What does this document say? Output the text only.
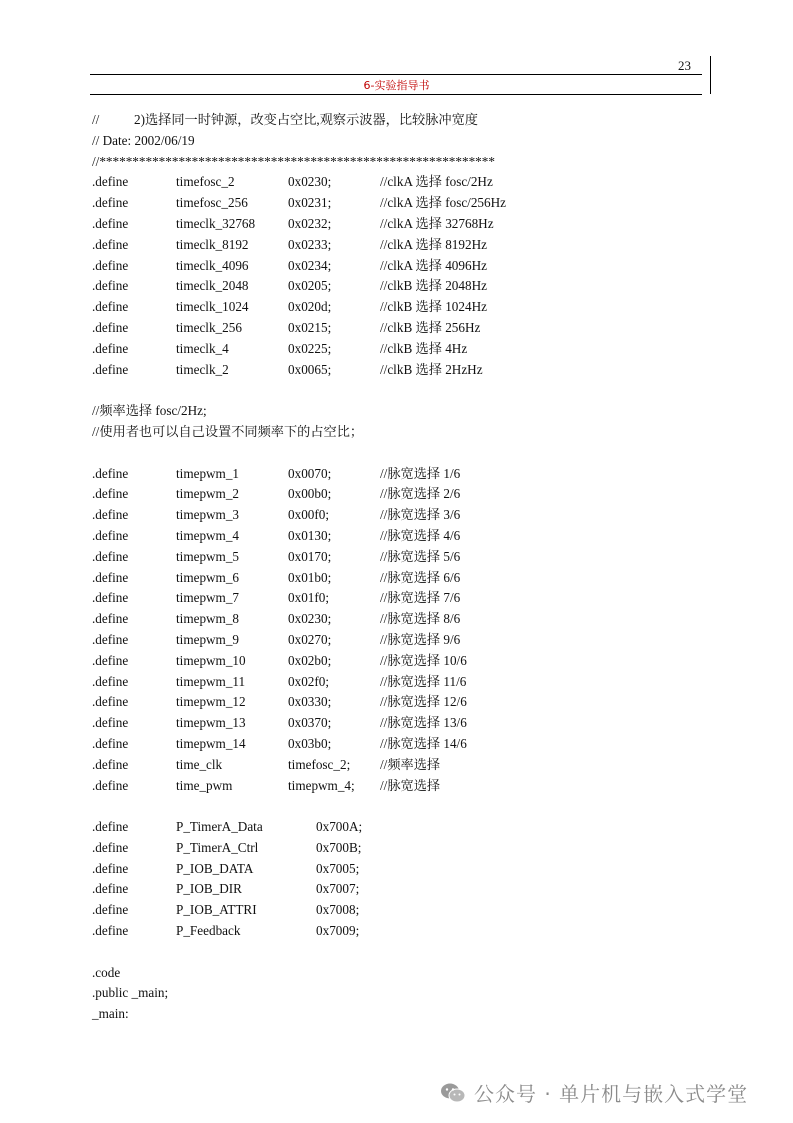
23
6-实验指导书
//	2)选择同一时钟源，改变占空比,观察示波器，比较脉冲宽度
// Date: 2002/06/19
//************************************************************
.define	timefosc_2	0x0230;	//clkA 选择 fosc/2Hz
.define	timefosc_256	0x0231;	//clkA 选择 fosc/256Hz
.define	timeclk_32768 0x0232;	//clkA 选择 32768Hz
.define	timeclk_8192	0x0233;	//clkA 选择 8192Hz
.define	timeclk_4096	0x0234;	//clkA 选择 4096Hz
.define	timeclk_2048	0x0205;	//clkB 选择 2048Hz
.define	timeclk_1024	0x020d;	//clkB 选择 1024Hz
.define	timeclk_256	0x0215;	//clkB 选择 256Hz
.define	timeclk_4	0x0225;	//clkB 选择 4Hz
.define	timeclk_2	0x0065;	//clkB 选择 2HzHz
//频率选择 fosc/2Hz;
//使用者也可以自己设置不同频率下的占空比；
.define	timepwm_1	0x0070;	//脉宽选择 1/6
.define	timepwm_2	0x00b0;	//脉宽选择 2/6
.define	timepwm_3	0x00f0;	//脉宽选择 3/6
.define	timepwm_4	0x0130;	//脉宽选择 4/6
.define	timepwm_5	0x0170;	//脉宽选择 5/6
.define	timepwm_6	0x01b0;	//脉宽选择 6/6
.define	timepwm_7	0x01f0;	//脉宽选择 7/6
.define	timepwm_8	0x0230;	//脉宽选择 8/6
.define	timepwm_9	0x0270;	//脉宽选择 9/6
.define	timepwm_10	0x02b0;	//脉宽选择 10/6
.define	timepwm_11	0x02f0;	//脉宽选择 11/6
.define	timepwm_12	0x0330;	//脉宽选择 12/6
.define	timepwm_13	0x0370;	//脉宽选择 13/6
.define	timepwm_14	0x03b0;	//脉宽选择 14/6
.define	time_clk	timefosc_2; //频率选择
.define	time_pwm	timepwm_4; //脉宽选择
.define	P_TimerA_Data	0x700A;
.define	P_TimerA_Ctrl	0x700B;
.define	P_IOB_DATA	0x7005;
.define	P_IOB_DIR	0x7007;
.define	P_IOB_ATTRI	0x7008;
.define	P_Feedback	0x7009;
.code
.public _main;
_main:
公众号 · 单片机与嵌入式学堂
